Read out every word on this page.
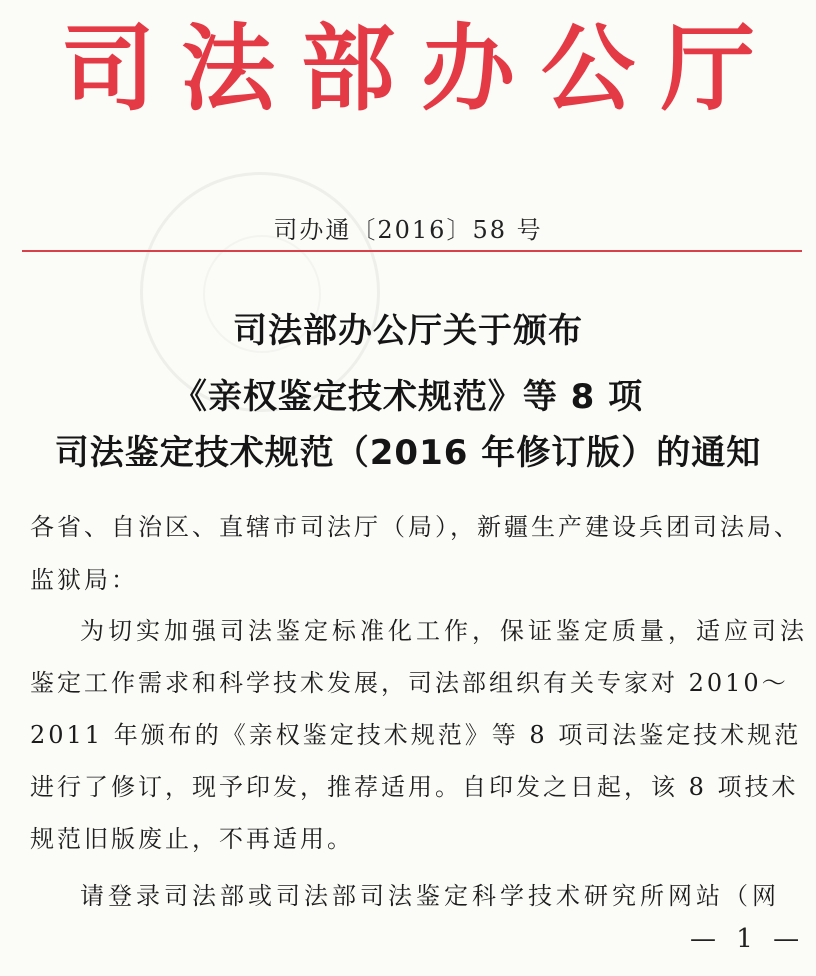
司法部办公厅
司办通〔2016〕58 号
司法部办公厅关于颁布
《亲权鉴定技术规范》等 8 项
司法鉴定技术规范（2016 年修订版）的通知
各省、自治区、直辖市司法厅（局），新疆生产建设兵团司法局、
监狱局：
为切实加强司法鉴定标准化工作，保证鉴定质量，适应司法
鉴定工作需求和科学技术发展，司法部组织有关专家对 2010～
2011 年颁布的《亲权鉴定技术规范》等 8 项司法鉴定技术规范
进行了修订，现予印发，推荐适用。自印发之日起，该 8 项技术
规范旧版废止，不再适用。
请登录司法部或司法部司法鉴定科学技术研究所网站（网
— 1 —
